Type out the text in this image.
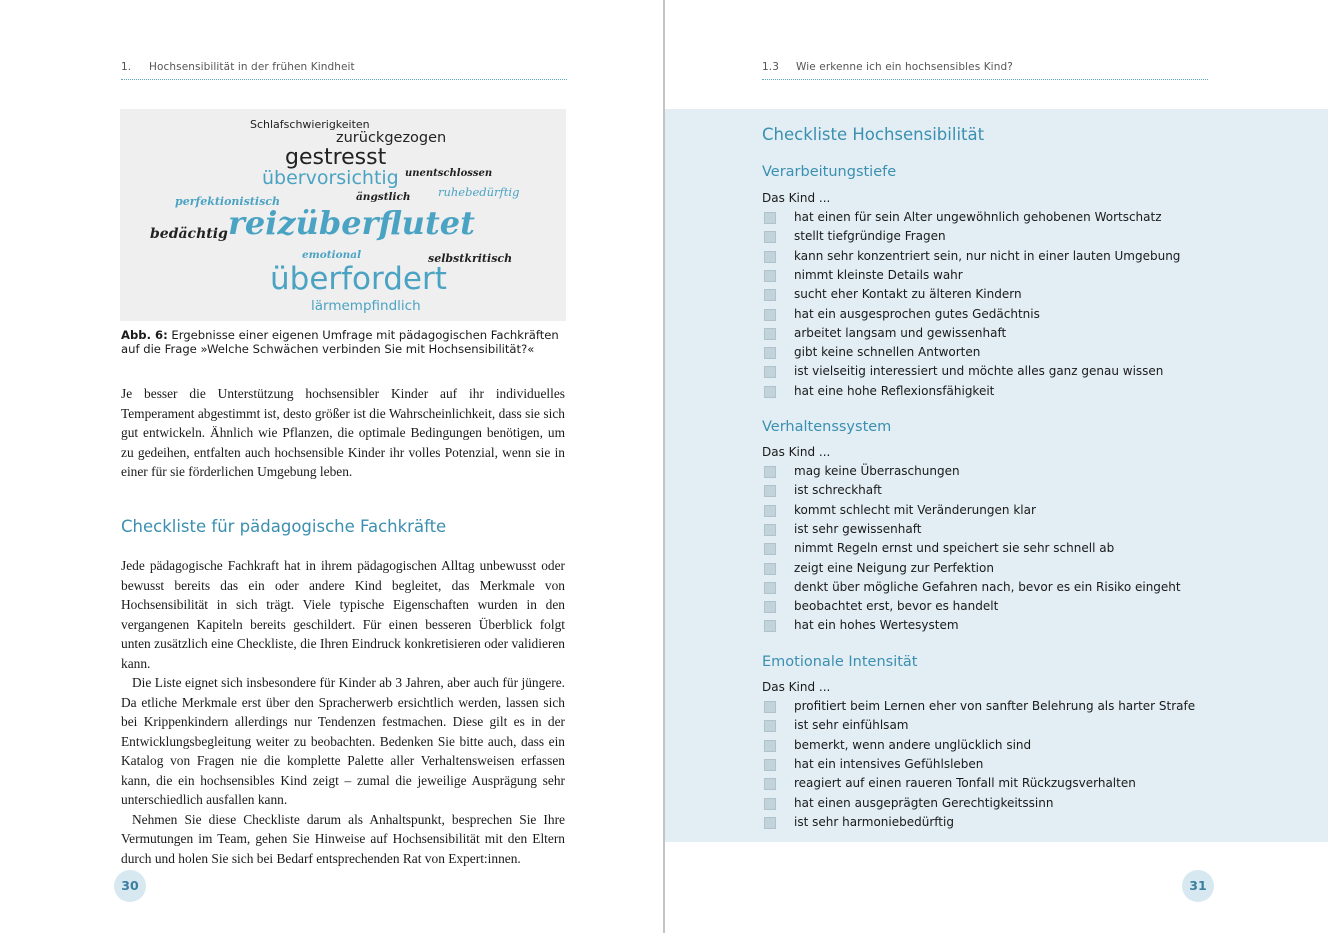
1. Hochsensibilität in der frühen Kindheit
Schlafschwierigkeiten
zurückgezogen
gestresst
übervorsichtig unentschlossen
ruhebedürftig
perfektionistisch	ängstlich
bedächtig reizüberflutet
emotional	selbstkritisch
überfordert
lärmempfindlich
Abb. 6: Ergebnisse einer eigenen Umfrage mit pädagogischen Fachkräften auf die Frage »Welche Schwächen verbinden Sie mit Hochsensibilität?«
Je besser die Unterstützung hochsensibler Kinder auf ihr individuelles Temperament abgestimmt ist, desto größer ist die Wahrscheinlichkeit, dass sie sich gut entwickeln. Ähnlich wie Pflanzen, die optimale Bedingungen benötigen, um zu gedeihen, entfalten auch hochsensible Kinder ihr volles Potenzial, wenn sie in einer für sie förderlichen Umgebung leben.
Checkliste für pädagogische Fachkräfte

Jede pädagogische Fachkraft hat in ihrem pädagogischen Alltag unbewusst oder bewusst bereits das ein oder andere Kind begleitet, das Merkmale von Hochsensibilität in sich trägt. Viele typische Eigenschaften wurden in den vergangenen Kapiteln bereits geschildert. Für einen besseren Überblick folgt unten zusätzlich eine Checkliste, die Ihren Eindruck konkretisieren oder validieren kann.

Die Liste eignet sich insbesondere für Kinder ab 3 Jahren, aber auch für jüngere. Da etliche Merkmale erst über den Spracherwerb ersichtlich werden, lassen sich bei Krippenkindern allerdings nur Tendenzen festmachen. Diese gilt es in der Entwicklungsbegleitung weiter zu beobachten. Bedenken Sie bitte auch, dass ein Katalog von Fragen nie die komplette Palette aller Verhaltensweisen erfassen kann, die ein hochsensibles Kind zeigt – zumal die jeweilige Ausprägung sehr unterschiedlich ausfallen kann.

Nehmen Sie diese Checkliste darum als Anhaltspunkt, besprechen Sie Ihre Vermutungen im Team, gehen Sie Hinweise auf Hochsensibilität mit den Eltern durch und holen Sie sich bei Bedarf entsprechenden Rat von Expert:innen.

30
1.3 Wie erkenne ich ein hochsensibles Kind?
Checkliste Hochsensibilität
Verarbeitungstiefe
Das Kind ...
hat einen für sein Alter ungewöhnlich gehobenen Wortschatz
stellt tiefgründige Fragen
kann sehr konzentriert sein, nur nicht in einer lauten Umgebung
nimmt kleinste Details wahr
sucht eher Kontakt zu älteren Kindern
hat ein ausgesprochen gutes Gedächtnis
arbeitet langsam und gewissenhaft
gibt keine schnellen Antworten
ist vielseitig interessiert und möchte alles ganz genau wissen
hat eine hohe Reflexionsfähigkeit
Verhaltenssystem
Das Kind ...
mag keine Überraschungen
ist schreckhaft
kommt schlecht mit Veränderungen klar
ist sehr gewissenhaft
nimmt Regeln ernst und speichert sie sehr schnell ab
zeigt eine Neigung zur Perfektion
denkt über mögliche Gefahren nach, bevor es ein Risiko eingeht
beobachtet erst, bevor es handelt
hat ein hohes Wertesystem
Emotionale Intensität
Das Kind ...
profitiert beim Lernen eher von sanfter Belehrung als harter Strafe
ist sehr einfühlsam
bemerkt, wenn andere unglücklich sind
hat ein intensives Gefühlsleben
reagiert auf einen raueren Tonfall mit Rückzugsverhalten
hat einen ausgeprägten Gerechtigkeitssinn
ist sehr harmoniebedürftig
31
